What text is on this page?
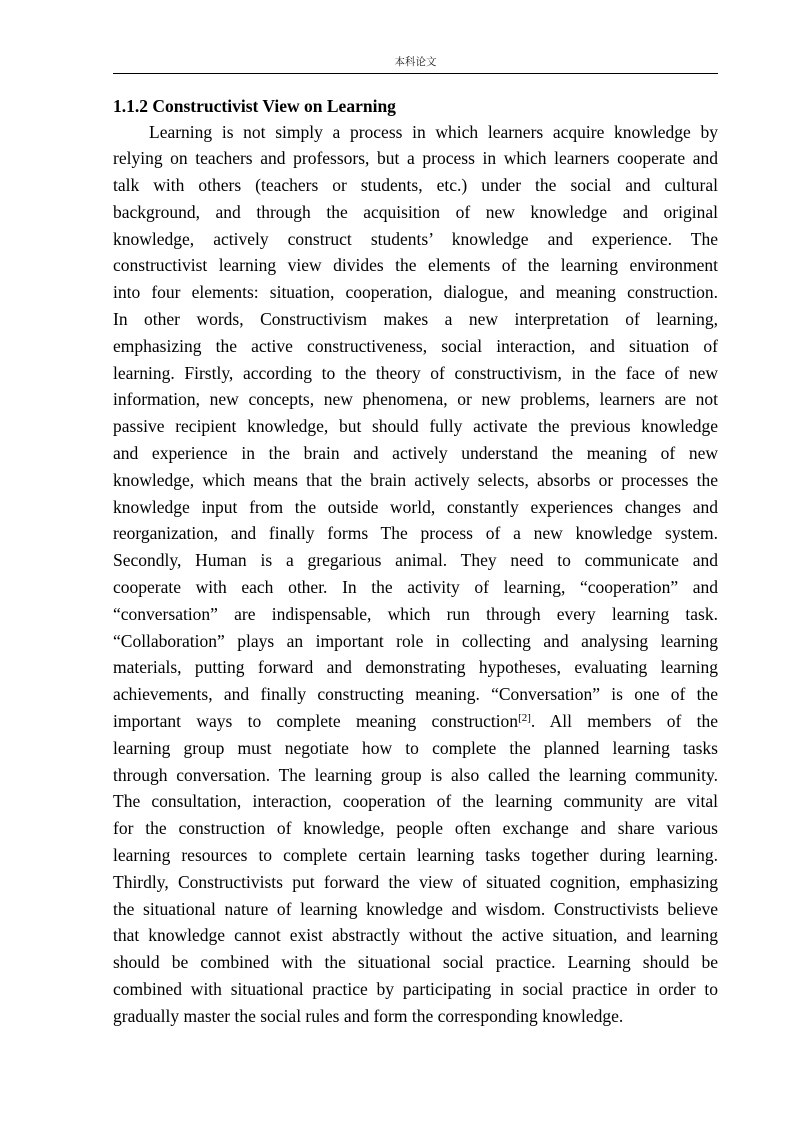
本科论文
1.1.2 Constructivist View on Learning
Learning is not simply a process in which learners acquire knowledge by
relying on teachers and professors, but a process in which learners cooperate and
talk with others (teachers or students, etc.) under the social and cultural
background, and through the acquisition of new knowledge and original
knowledge, actively construct students’ knowledge and experience. The
constructivist learning view divides the elements of the learning environment
into four elements: situation, cooperation, dialogue, and meaning construction.
In other words, Constructivism makes a new interpretation of learning,
emphasizing the active constructiveness, social interaction, and situation of
learning. Firstly, according to the theory of constructivism, in the face of new
information, new concepts, new phenomena, or new problems, learners are not
passive recipient knowledge, but should fully activate the previous knowledge
and experience in the brain and actively understand the meaning of new
knowledge, which means that the brain actively selects, absorbs or processes the
knowledge input from the outside world, constantly experiences changes and
reorganization, and finally forms The process of a new knowledge system.
Secondly, Human is a gregarious animal. They need to communicate and
cooperate with each other. In the activity of learning, “cooperation” and
“conversation” are indispensable, which run through every learning task.
“Collaboration” plays an important role in collecting and analysing learning
materials, putting forward and demonstrating hypotheses, evaluating learning
achievements, and finally constructing meaning. “Conversation” is one of the
important ways to complete meaning construction[2]. All members of the
learning group must negotiate how to complete the planned learning tasks
through conversation. The learning group is also called the learning community.
The consultation, interaction, cooperation of the learning community are vital
for the construction of knowledge, people often exchange and share various
learning resources to complete certain learning tasks together during learning.
Thirdly, Constructivists put forward the view of situated cognition, emphasizing
the situational nature of learning knowledge and wisdom. Constructivists believe
that knowledge cannot exist abstractly without the active situation, and learning
should be combined with the situational social practice. Learning should be
combined with situational practice by participating in social practice in order to
gradually master the social rules and form the corresponding knowledge.
